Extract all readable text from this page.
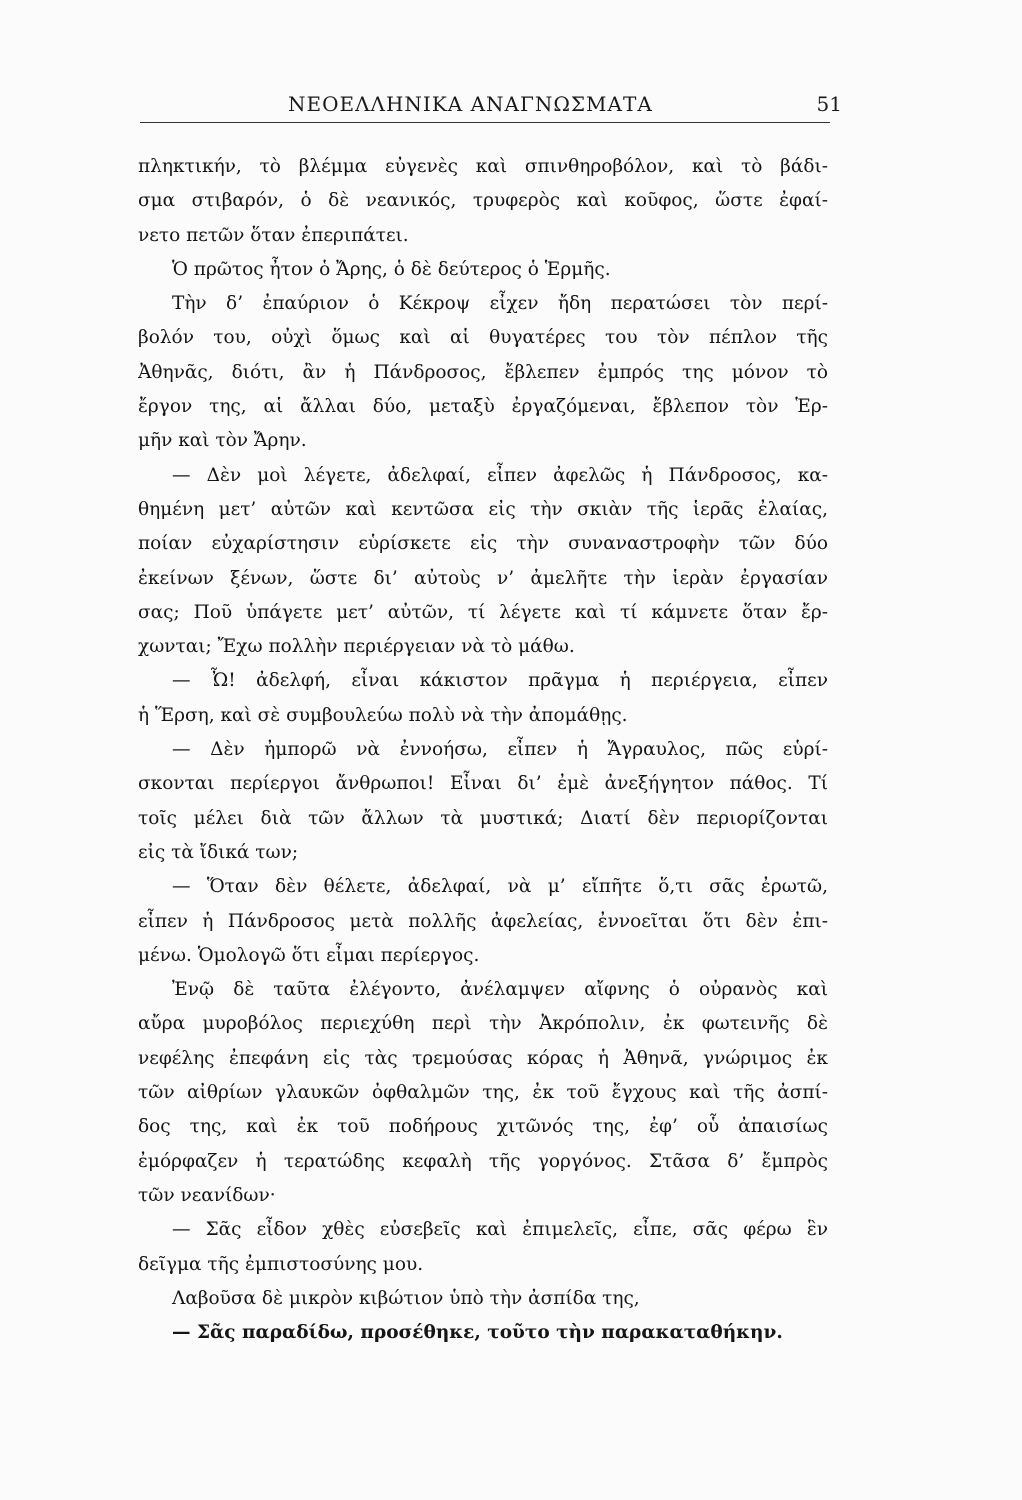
ΝΕΟΕΛΛΗΝΙΚΑ ΑΝΑΓΝΩΣΜΑΤΑ	51
πληκτικήν, τὸ βλέμμα εὐγενὲς καὶ σπινθηροβόλον, καὶ τὸ βάδι-
σμα στιβαρόν, ὁ δὲ νεανικός, τρυφερὸς καὶ κοῦφος, ὥστε ἐφαί-
νετο πετῶν ὅταν ἐπεριπάτει.
Ὁ πρῶτος ἦτον ὁ Ἄρης, ὁ δὲ δεύτερος ὁ Ἑρμῆς.
Τὴν δ’ ἐπαύριον ὁ Κέκροψ εἶχεν ἤδη περατώσει τὸν περί-
βολόν του, οὐχὶ ὅμως καὶ αἱ θυγατέρες του τὸν πέπλον τῆς
Ἀθηνᾶς, διότι, ἂν ἡ Πάνδροσος, ἔβλεπεν ἐμπρός της μόνον τὸ
ἔργον της, αἱ ἄλλαι δύο, μεταξὺ ἐργαζόμεναι, ἔβλεπον τὸν Ἑρ-
μῆν καὶ τὸν Ἄρην.
— Δὲν μοὶ λέγετε, ἀδελφαί, εἶπεν ἀφελῶς ἡ Πάνδροσος, κα-
θημένη μετ’ αὐτῶν καὶ κεντῶσα εἰς τὴν σκιὰν τῆς ἱερᾶς ἐλαίας,
ποίαν εὐχαρίστησιν εὑρίσκετε εἰς τὴν συναναστροφὴν τῶν δύο
ἐκείνων ξένων, ὥστε δι’ αὐτοὺς ν’ ἀμελῆτε τὴν ἱερὰν ἐργασίαν
σας; Ποῦ ὑπάγετε μετ’ αὐτῶν, τί λέγετε καὶ τί κάμνετε ὅταν ἔρ-
χωνται; Ἔχω πολλὴν περιέργειαν νὰ τὸ μάθω.
— Ὦ! ἀδελφή, εἶναι κάκιστον πρᾶγμα ἡ περιέργεια, εἶπεν
ἡ Ἕρση, καὶ σὲ συμβουλεύω πολὺ νὰ τὴν ἀπομάθῃς.
— Δὲν ἠμπορῶ νὰ ἐννοήσω, εἶπεν ἡ Ἄγραυλος, πῶς εὑρί-
σκονται περίεργοι ἄνθρωποι! Εἶναι δι’ ἐμὲ ἀνεξήγητον πάθος. Τί
τοῖς μέλει διὰ τῶν ἄλλων τὰ μυστικά; Διατί δὲν περιορίζονται
εἰς τὰ ἴδικά των;
— Ὅταν δὲν θέλετε, ἀδελφαί, νὰ μ’ εἴπῆτε ὅ,τι σᾶς ἐρωτῶ,
εἶπεν ἡ Πάνδροσος μετὰ πολλῆς ἀφελείας, ἐννοεῖται ὅτι δὲν ἐπι-
μένω. Ὁμολογῶ ὅτι εἶμαι περίεργος.
Ἐνῷ δὲ ταῦτα ἐλέγοντο, ἀνέλαμψεν αἴφνης ὁ οὐρανὸς καὶ
αὔρα μυροβόλος περιεχύθη περὶ τὴν Ἀκρόπολιν, ἐκ φωτεινῆς δὲ
νεφέλης ἐπεφάνη εἰς τὰς τρεμούσας κόρας ἡ Ἀθηνᾶ, γνώριμος ἐκ
τῶν αἰθρίων γλαυκῶν ὀφθαλμῶν της, ἐκ τοῦ ἔγχους καὶ τῆς ἀσπί-
δος της, καὶ ἐκ τοῦ ποδήρους χιτῶνός της, ἐφ’ οὗ ἀπαισίως
ἐμόρφαζεν ἡ τερατώδης κεφαλὴ τῆς γοργόνος. Στᾶσα δ’ ἔμπρὸς
τῶν νεανίδων·
— Σᾶς εἶδον χθὲς εὐσεβεῖς καὶ ἐπιμελεῖς, εἶπε, σᾶς φέρω ἓν
δεῖγμα τῆς ἐμπιστοσύνης μου.
Λαβοῦσα δὲ μικρὸν κιβώτιον ὑπὸ τὴν ἀσπίδα της,
— Σᾶς παραδίδω, προσέθηκε, τοῦτο τὴν παρακαταθήκην.
